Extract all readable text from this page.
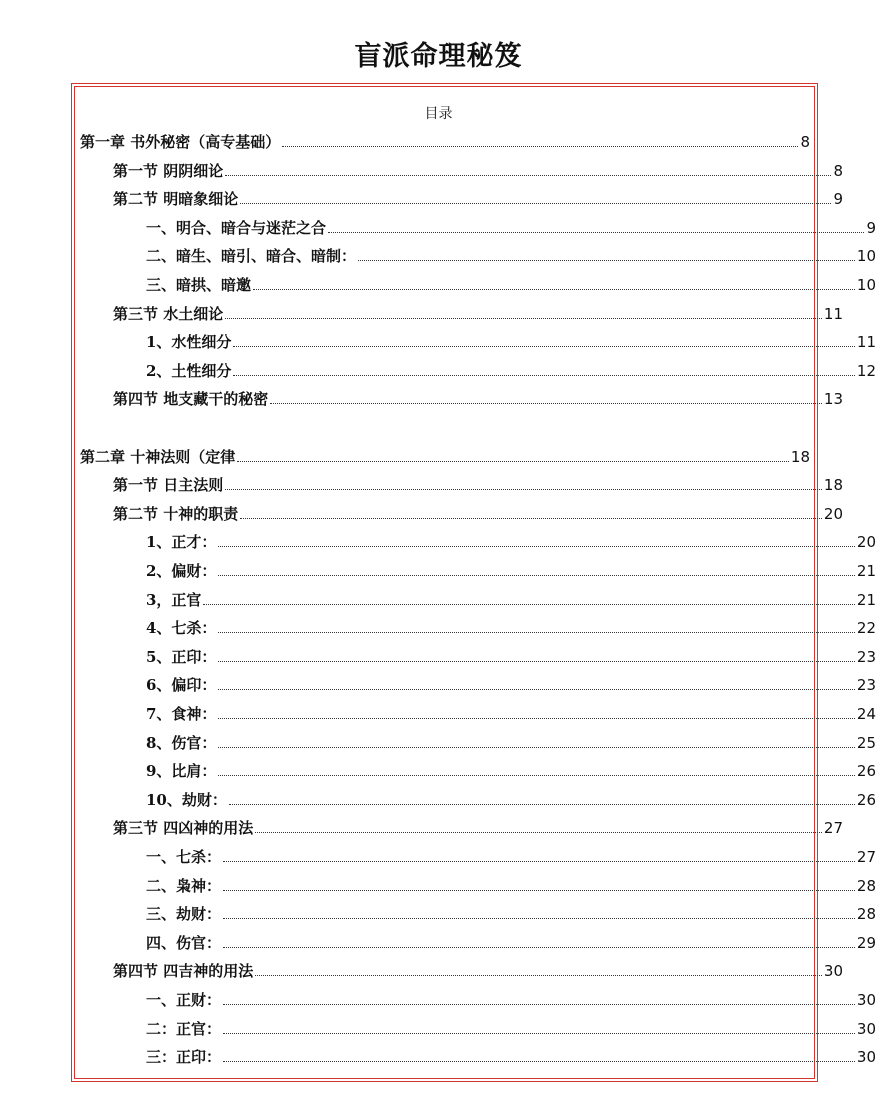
盲派命理秘笈
目录
第一章 书外秘密（高专基础）	8
第一节 阴阴细论	8
第二节 明暗象细论	9
一、明合、暗合与迷茫之合	9
二、暗生、暗引、暗合、暗制：	10
三、暗拱、暗邀	10
第三节 水土细论	11
1、水性细分	11
2、土性细分	12
第四节 地支藏干的秘密	13
第二章 十神法则（定律	18
第一节 日主法则	18
第二节 十神的职责	20
1、正才：	20
2、偏财：	21
3，正官	21
4、七杀：	22
5、正印：	23
6、偏印：	23
7、食神：	24
8、伤官：	25
9、比肩：	26
10、劫财：	26
第三节 四凶神的用法	27
一、七杀：	27
二、枭神：	28
三、劫财：	28
四、伤官：	29
第四节 四吉神的用法	30
一、正财：	30
二：正官：	30
三：正印：	30
